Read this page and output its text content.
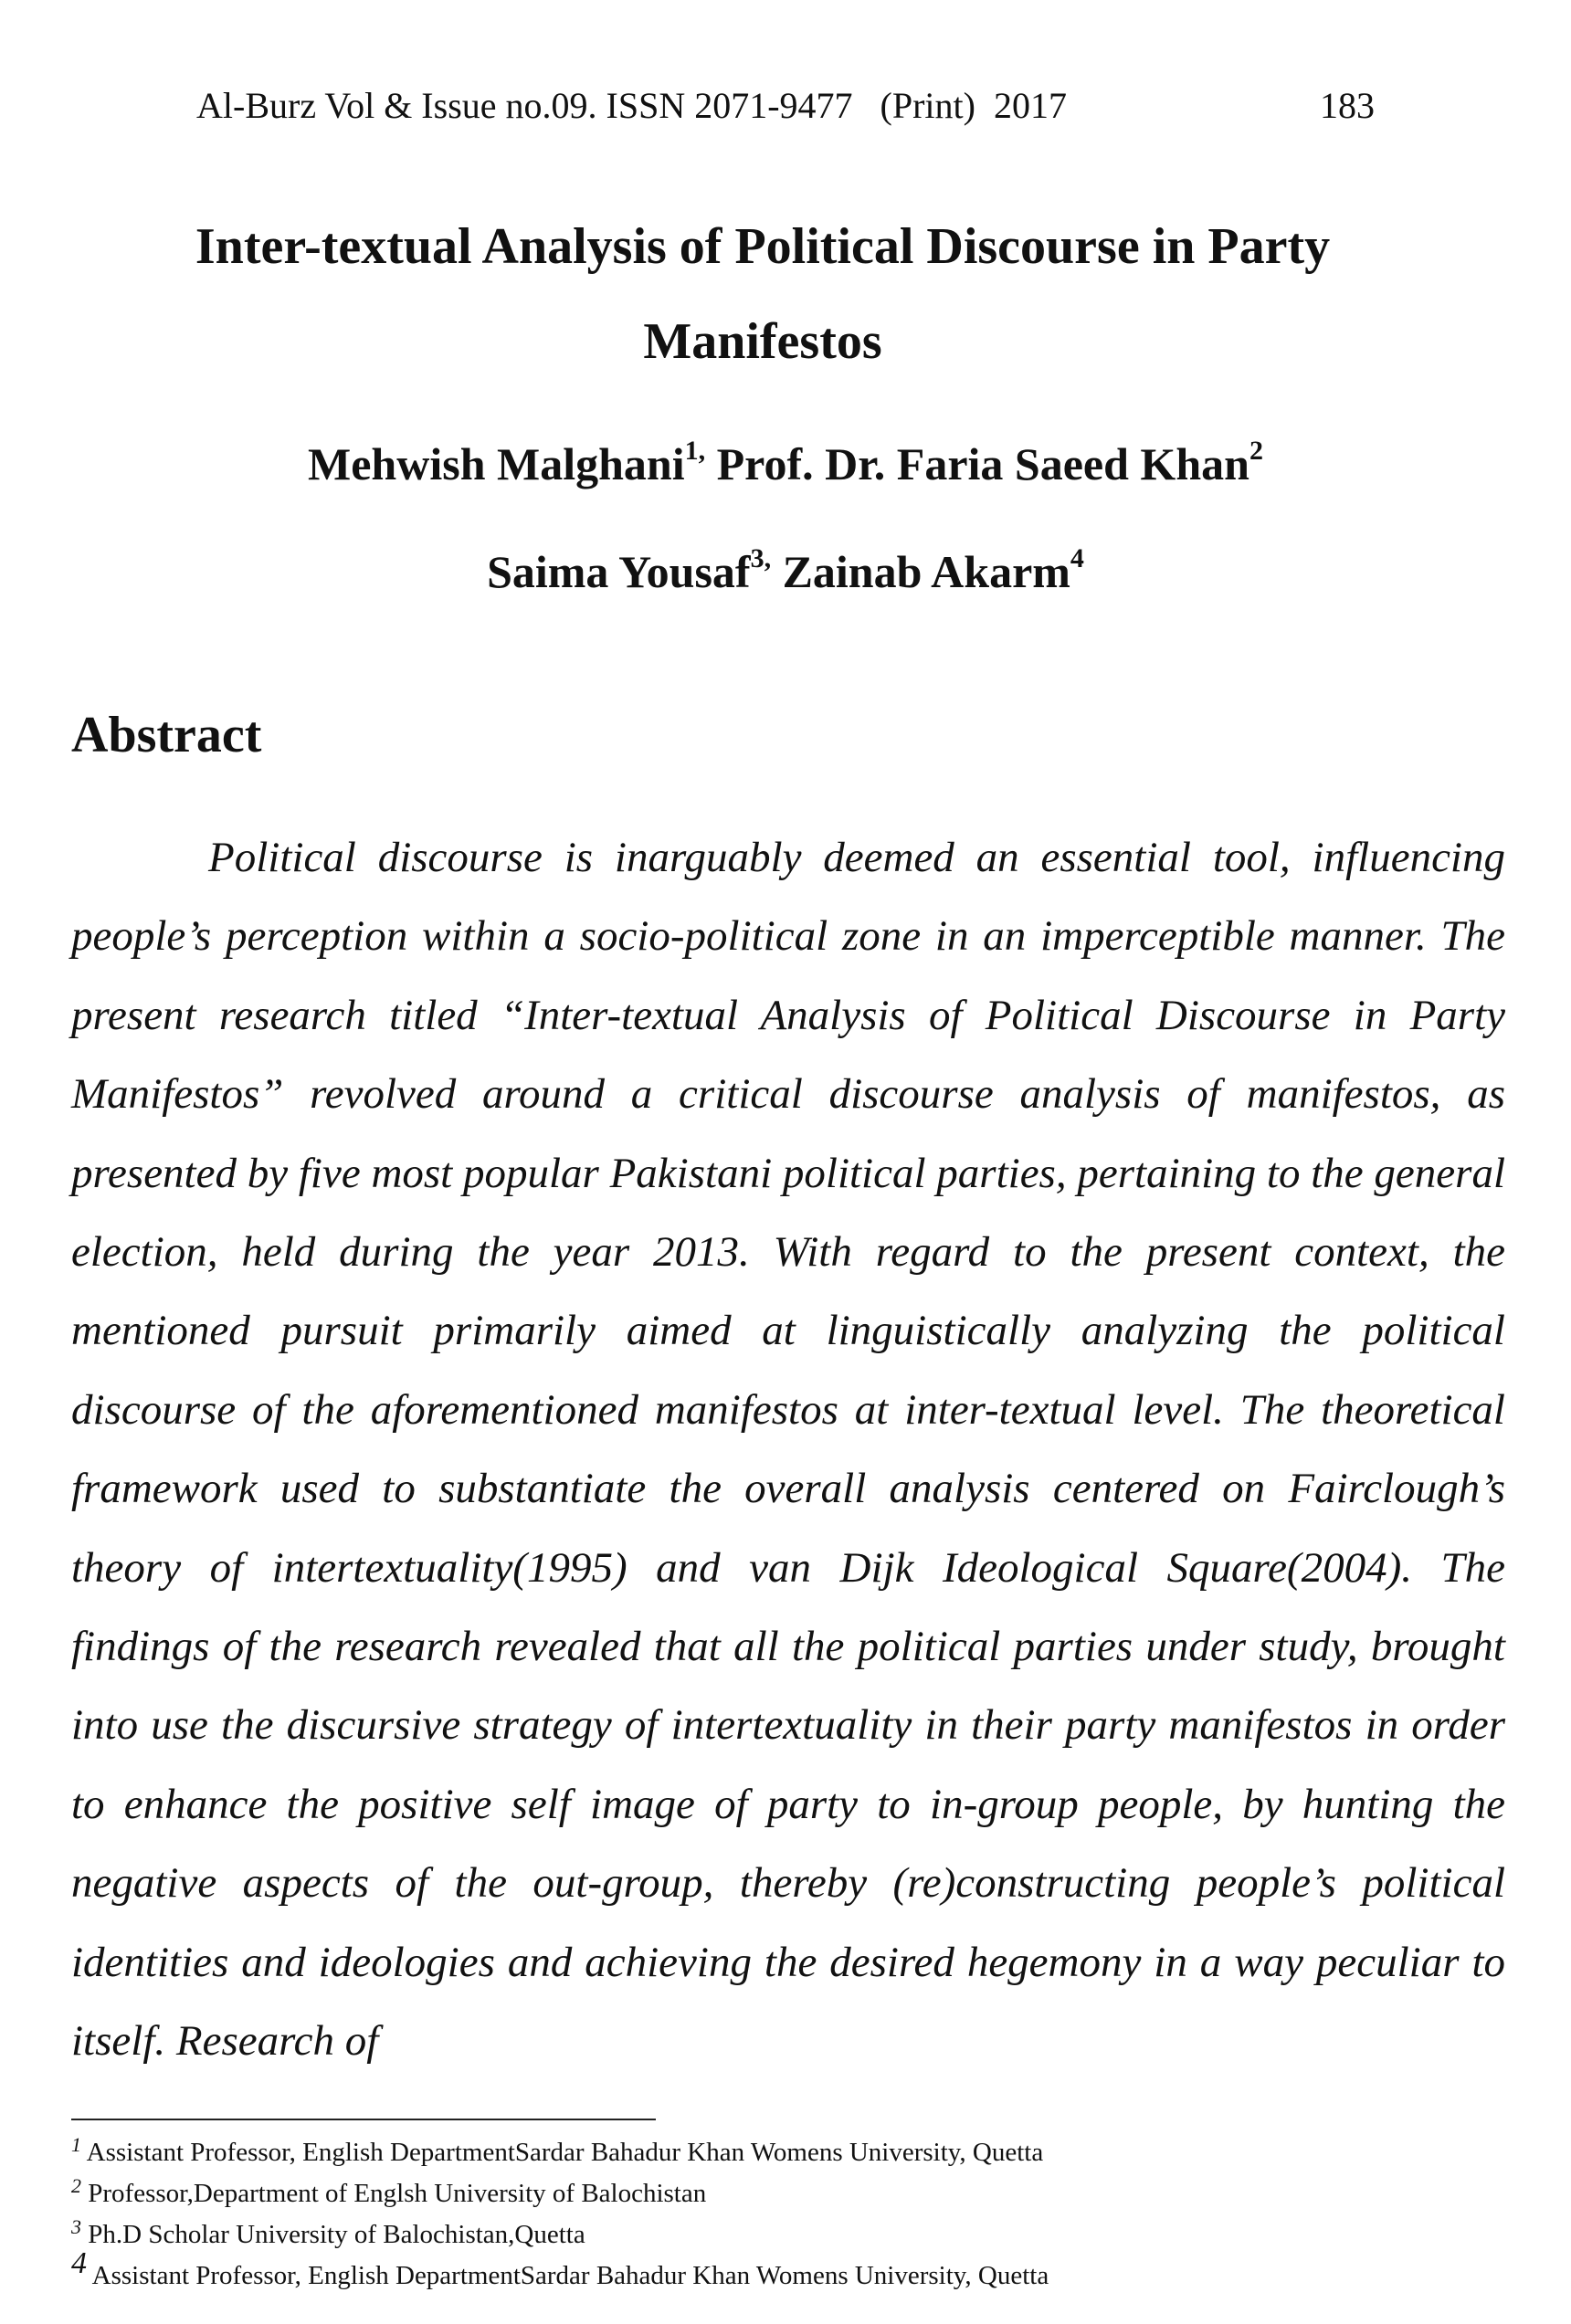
Al-Burz Vol & Issue no.09. ISSN 2071-9477   (Print)  2017	183
Inter-textual Analysis of Political Discourse in Party Manifestos
Mehwish Malghani$^{1,}$ Prof. Dr. Faria Saeed Khan$^2$
Saima Yousaf$^{3,}$ Zainab Akarm$^4$
Abstract

Political discourse is inarguably deemed an essential tool, influencing people’s perception within a socio-political zone in an imperceptible manner. The present research titled “Inter-textual Analysis of Political Discourse in Party Manifestos” revolved around a critical discourse analysis of manifestos, as presented by five most popular Pakistani political parties, pertaining to the general election, held during the year 2013. With regard to the present context, the mentioned pursuit primarily aimed at linguistically analyzing the political discourse of the aforementioned manifestos at inter-textual level. The theoretical framework used to substantiate the overall analysis centered on Fairclough’s theory of intertextuality(1995) and van Dijk Ideological Square(2004). The findings of the research revealed that all the political parties under study, brought into use the discursive strategy of intertextuality in their party manifestos in order to enhance the positive self image of party to in-group people, by hunting the negative aspects of the out-group, thereby (re)constructing people’s political identities and ideologies and achieving the desired hegemony in a way peculiar to itself. Research of

$^1$ Assistant Professor, English DepartmentSardar Bahadur Khan Womens University, Quetta
$^2$ Professor,Department of Englsh University of Balochistan
$^3$ Ph.D Scholar University of Balochistan,Quetta
$^4$ Assistant Professor, English DepartmentSardar Bahadur Khan Womens University, Quetta
